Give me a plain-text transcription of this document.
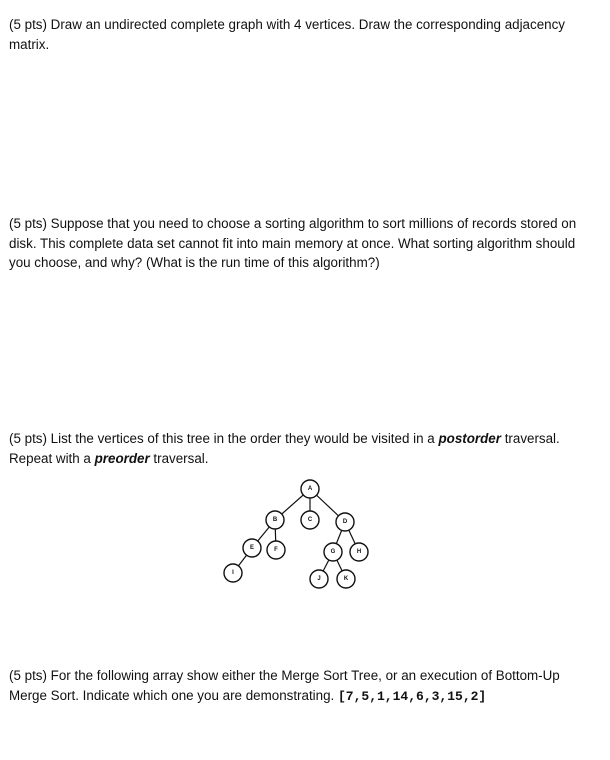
(5 pts) Draw an undirected complete graph with 4 vertices. Draw the corresponding adjacency matrix.

(5 pts) Suppose that you need to choose a sorting algorithm to sort millions of records stored on disk. This complete data set cannot fit into main memory at once. What sorting algorithm should you choose, and why? (What is the run time of this algorithm?)

(5 pts) List the vertices of this tree in the order they would be visited in a postorder traversal. Repeat with a preorder traversal.

A
B	C	D
E	F	G	H
I
J	K

(5 pts) For the following array show either the Merge Sort Tree, or an execution of Bottom-Up Merge Sort. Indicate which one you are demonstrating. [7,5,1,14,6,3,15,2]
